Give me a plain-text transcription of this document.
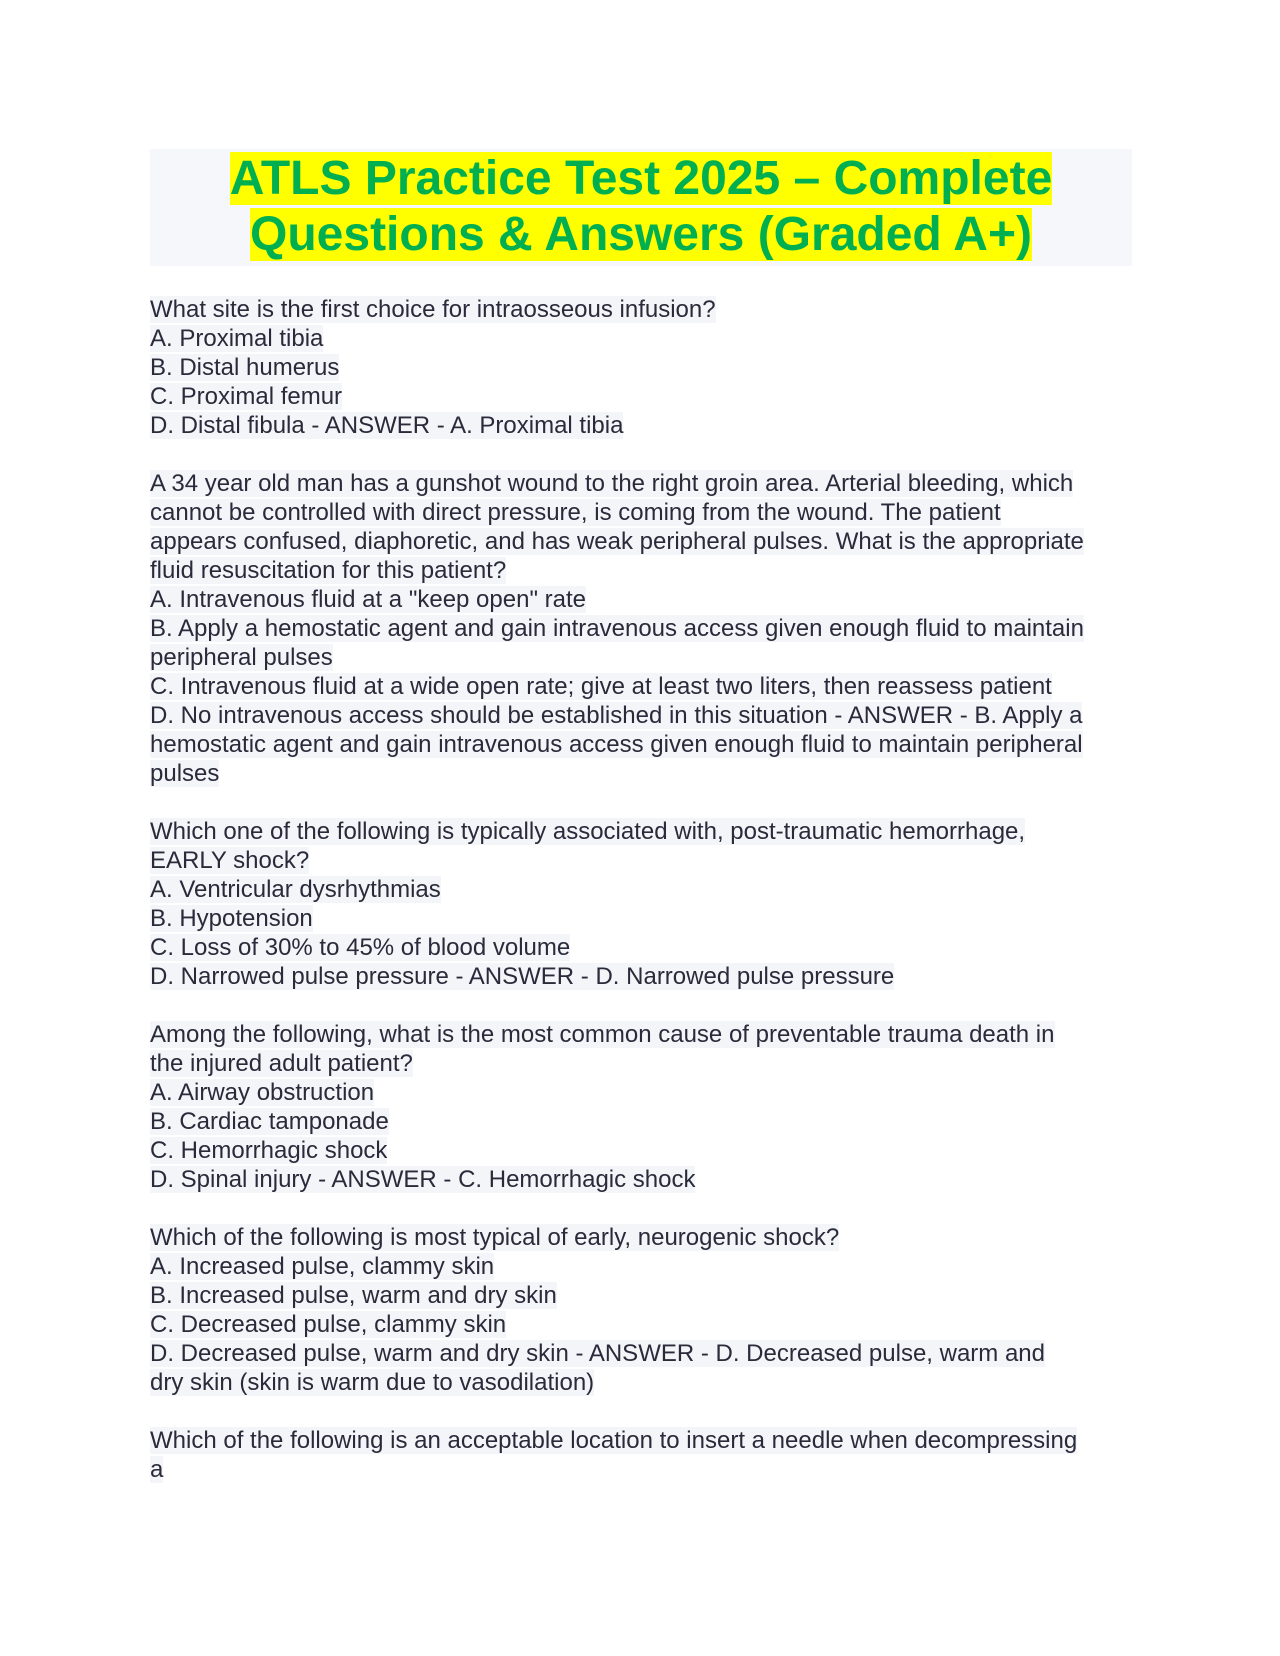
ATLS Practice Test 2025 – Complete
Questions & Answers (Graded A+)
What site is the first choice for intraosseous infusion?
A. Proximal tibia
B. Distal humerus
C. Proximal femur
D. Distal fibula - ANSWER - A. Proximal tibia
A 34 year old man has a gunshot wound to the right groin area. Arterial bleeding, which
cannot be controlled with direct pressure, is coming from the wound. The patient
appears confused, diaphoretic, and has weak peripheral pulses. What is the appropriate
fluid resuscitation for this patient?
A. Intravenous fluid at a "keep open" rate
B. Apply a hemostatic agent and gain intravenous access given enough fluid to maintain
peripheral pulses
C. Intravenous fluid at a wide open rate; give at least two liters, then reassess patient
D. No intravenous access should be established in this situation - ANSWER - B. Apply a
hemostatic agent and gain intravenous access given enough fluid to maintain peripheral
pulses
Which one of the following is typically associated with, post-traumatic hemorrhage,
EARLY shock?
A. Ventricular dysrhythmias
B. Hypotension
C. Loss of 30% to 45% of blood volume
D. Narrowed pulse pressure - ANSWER - D. Narrowed pulse pressure
Among the following, what is the most common cause of preventable trauma death in
the injured adult patient?
A. Airway obstruction
B. Cardiac tamponade
C. Hemorrhagic shock
D. Spinal injury - ANSWER - C. Hemorrhagic shock
Which of the following is most typical of early, neurogenic shock?
A. Increased pulse, clammy skin
B. Increased pulse, warm and dry skin
C. Decreased pulse, clammy skin
D. Decreased pulse, warm and dry skin - ANSWER - D. Decreased pulse, warm and
dry skin (skin is warm due to vasodilation)
Which of the following is an acceptable location to insert a needle when decompressing
a
